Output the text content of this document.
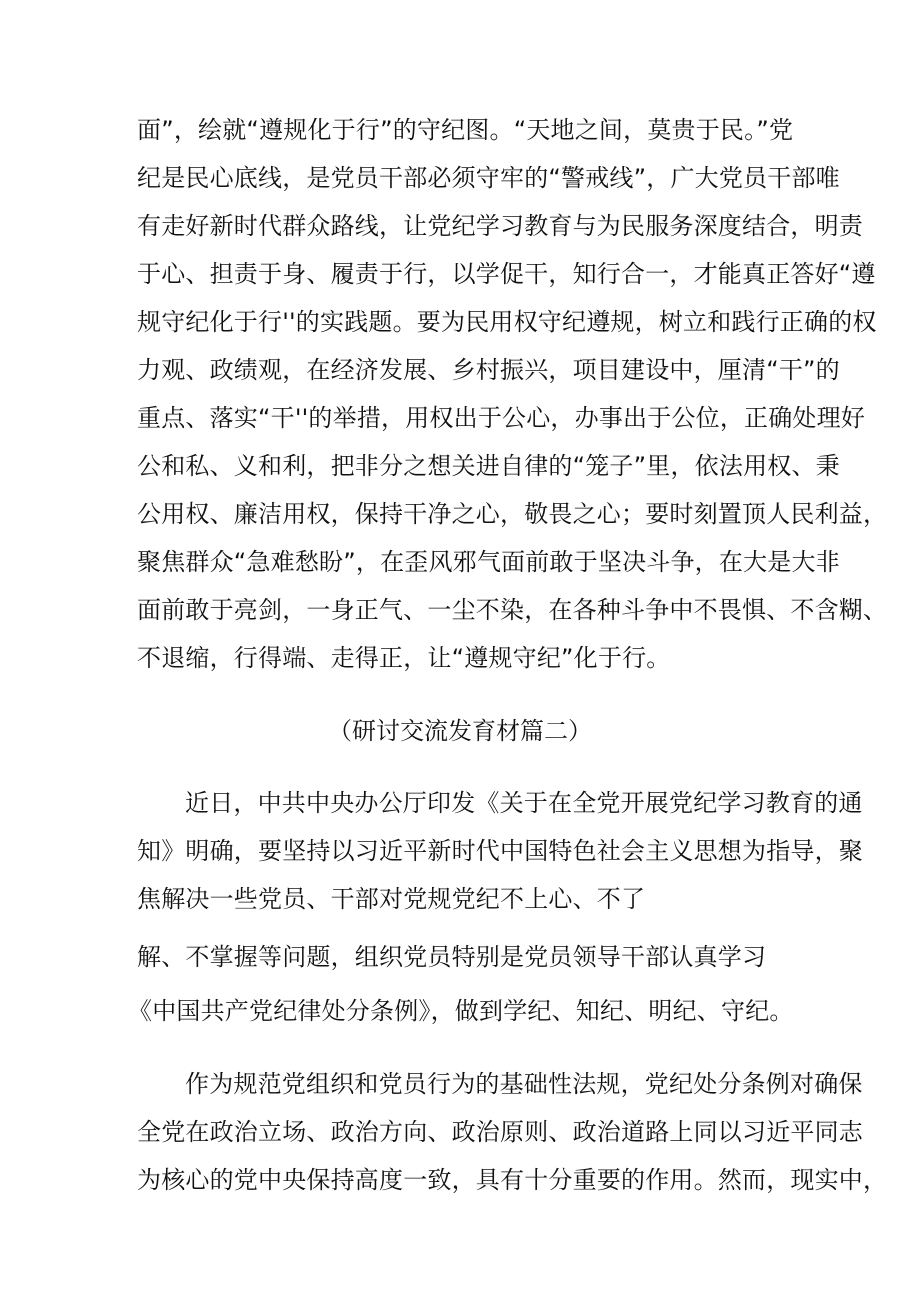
面”，绘就“遵规化于行”的守纪图。“天地之间，莫贵于民。”党
纪是民心底线，是党员干部必须守牢的“警戒线”，广大党员干部唯
有走好新时代群众路线，让党纪学习教育与为民服务深度结合，明责
于心、担责于身、履责于行，以学促干，知行合一，才能真正答好“遵
规守纪化于行''的实践题。要为民用权守纪遵规，树立和践行正确的权
力观、政绩观，在经济发展、乡村振兴，项目建设中，厘清“干”的
重点、落实“干''的举措，用权出于公心，办事出于公位，正确处理好
公和私、义和利，把非分之想关进自律的“笼子”里，依法用权、秉
公用权、廉洁用权，保持干净之心，敬畏之心；要时刻置顶人民利益，
聚焦群众“急难愁盼”，在歪风邪气面前敢于坚决斗争，在大是大非
面前敢于亮剑，一身正气、一尘不染，在各种斗争中不畏惧、不含糊、
不退缩，行得端、走得正，让“遵规守纪”化于行。
（研讨交流发育材篇二）
近日，中共中央办公厅印发《关于在全党开展党纪学习教育的通
知》明确，要坚持以习近平新时代中国特色社会主义思想为指导，聚
焦解决一些党员、干部对党规党纪不上心、不了
解、不掌握等问题，组织党员特别是党员领导干部认真学习
《中国共产党纪律处分条例》，做到学纪、知纪、明纪、守纪。
作为规范党组织和党员行为的基础性法规，党纪处分条例对确保
全党在政治立场、政治方向、政治原则、政治道路上同以习近平同志
为核心的党中央保持高度一致，具有十分重要的作用。然而，现实中，
